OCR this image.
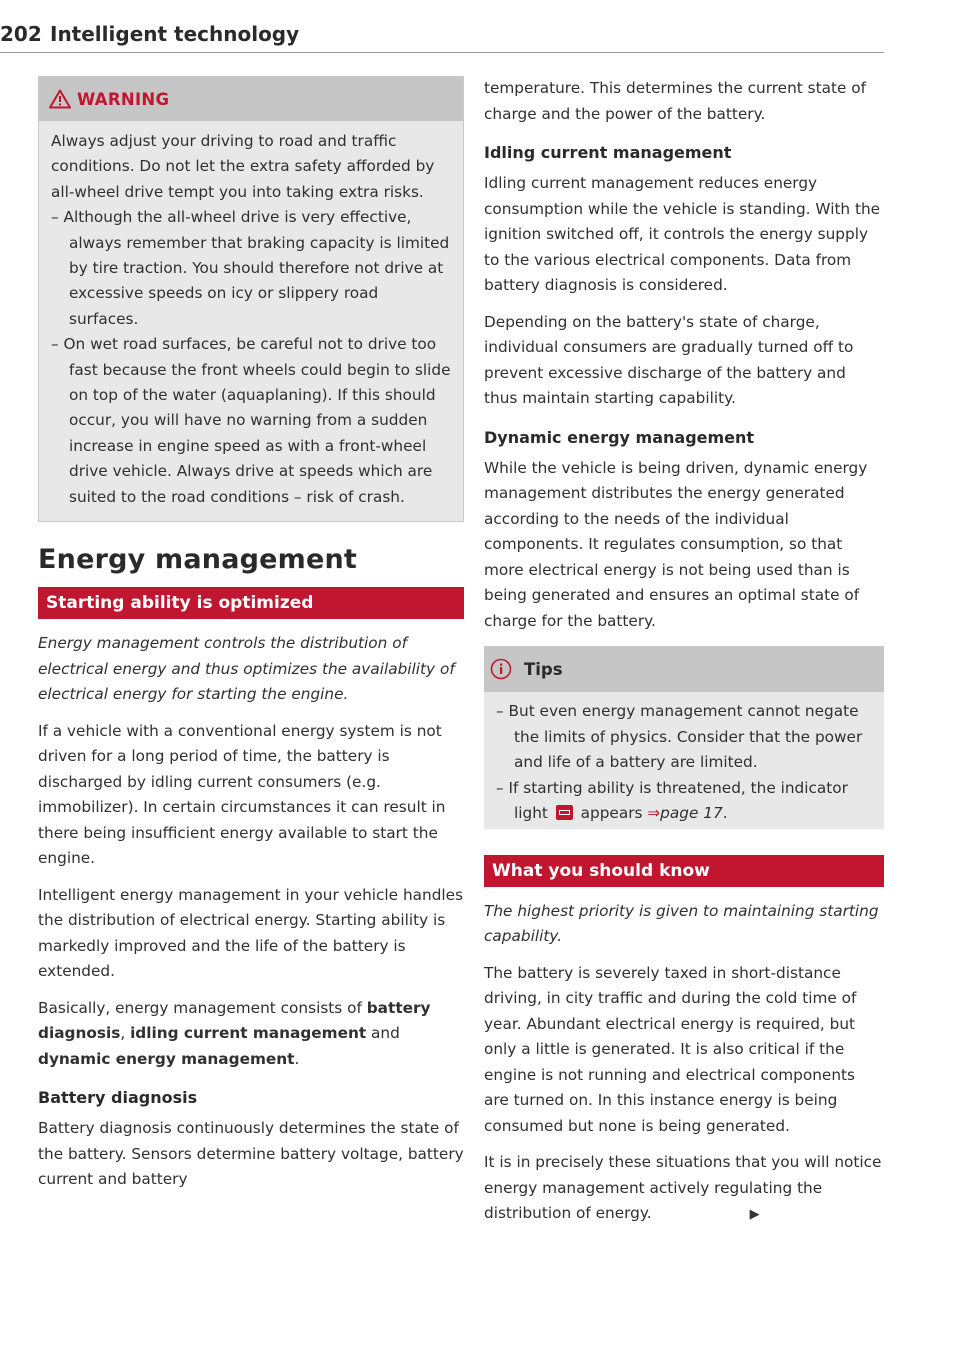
202 Intelligent technology
WARNING

Always adjust your driving to road and traffic conditions. Do not let the extra safety afforded by all-wheel drive tempt you into taking extra risks.

– Although the all-wheel drive is very effective, always remember that braking capacity is limited by tire traction. You should therefore not drive at excessive speeds on icy or slippery road surfaces.

– On wet road surfaces, be careful not to drive too fast because the front wheels could begin to slide on top of the water (aquaplaning). If this should occur, you will have no warning from a sudden increase in engine speed as with a front-wheel drive vehicle. Always drive at speeds which are suited to the road conditions – risk of crash.

Energy management
Starting ability is optimized

Energy management controls the distribution of electrical energy and thus optimizes the availability of electrical energy for starting the engine.

If a vehicle with a conventional energy system is not driven for a long period of time, the battery is discharged by idling current consumers (e.g. immobilizer). In certain circumstances it can result in there being insufficient energy available to start the engine.

Intelligent energy management in your vehicle handles the distribution of electrical energy. Starting ability is markedly improved and the life of the battery is extended.

Basically, energy management consists of battery diagnosis, idling current management and dynamic energy management.

Battery diagnosis

Battery diagnosis continuously determines the state of the battery. Sensors determine battery voltage, battery current and battery

temperature. This determines the current state of charge and the power of the battery.

Idling current management

Idling current management reduces energy consumption while the vehicle is standing. With the ignition switched off, it controls the energy supply to the various electrical components. Data from battery diagnosis is considered.

Depending on the battery's state of charge, individual consumers are gradually turned off to prevent excessive discharge of the battery and thus maintain starting capability.

Dynamic energy management

While the vehicle is being driven, dynamic energy management distributes the energy generated according to the needs of the individual components. It regulates consumption, so that more electrical energy is not being used than is being generated and ensures an optimal state of charge for the battery.

Tips

– But even energy management cannot negate the limits of physics. Consider that the power and life of a battery are limited.

– If starting ability is threatened, the indicator light  appears ⇒page 17.

What you should know

The highest priority is given to maintaining starting capability.

The battery is severely taxed in short-distance driving, in city traffic and during the cold time of year. Abundant electrical energy is required, but only a little is generated. It is also critical if the engine is not running and electrical components are turned on. In this instance energy is being consumed but none is being generated.

It is in precisely these situations that you will notice energy management actively regulating the distribution of energy.	▶
